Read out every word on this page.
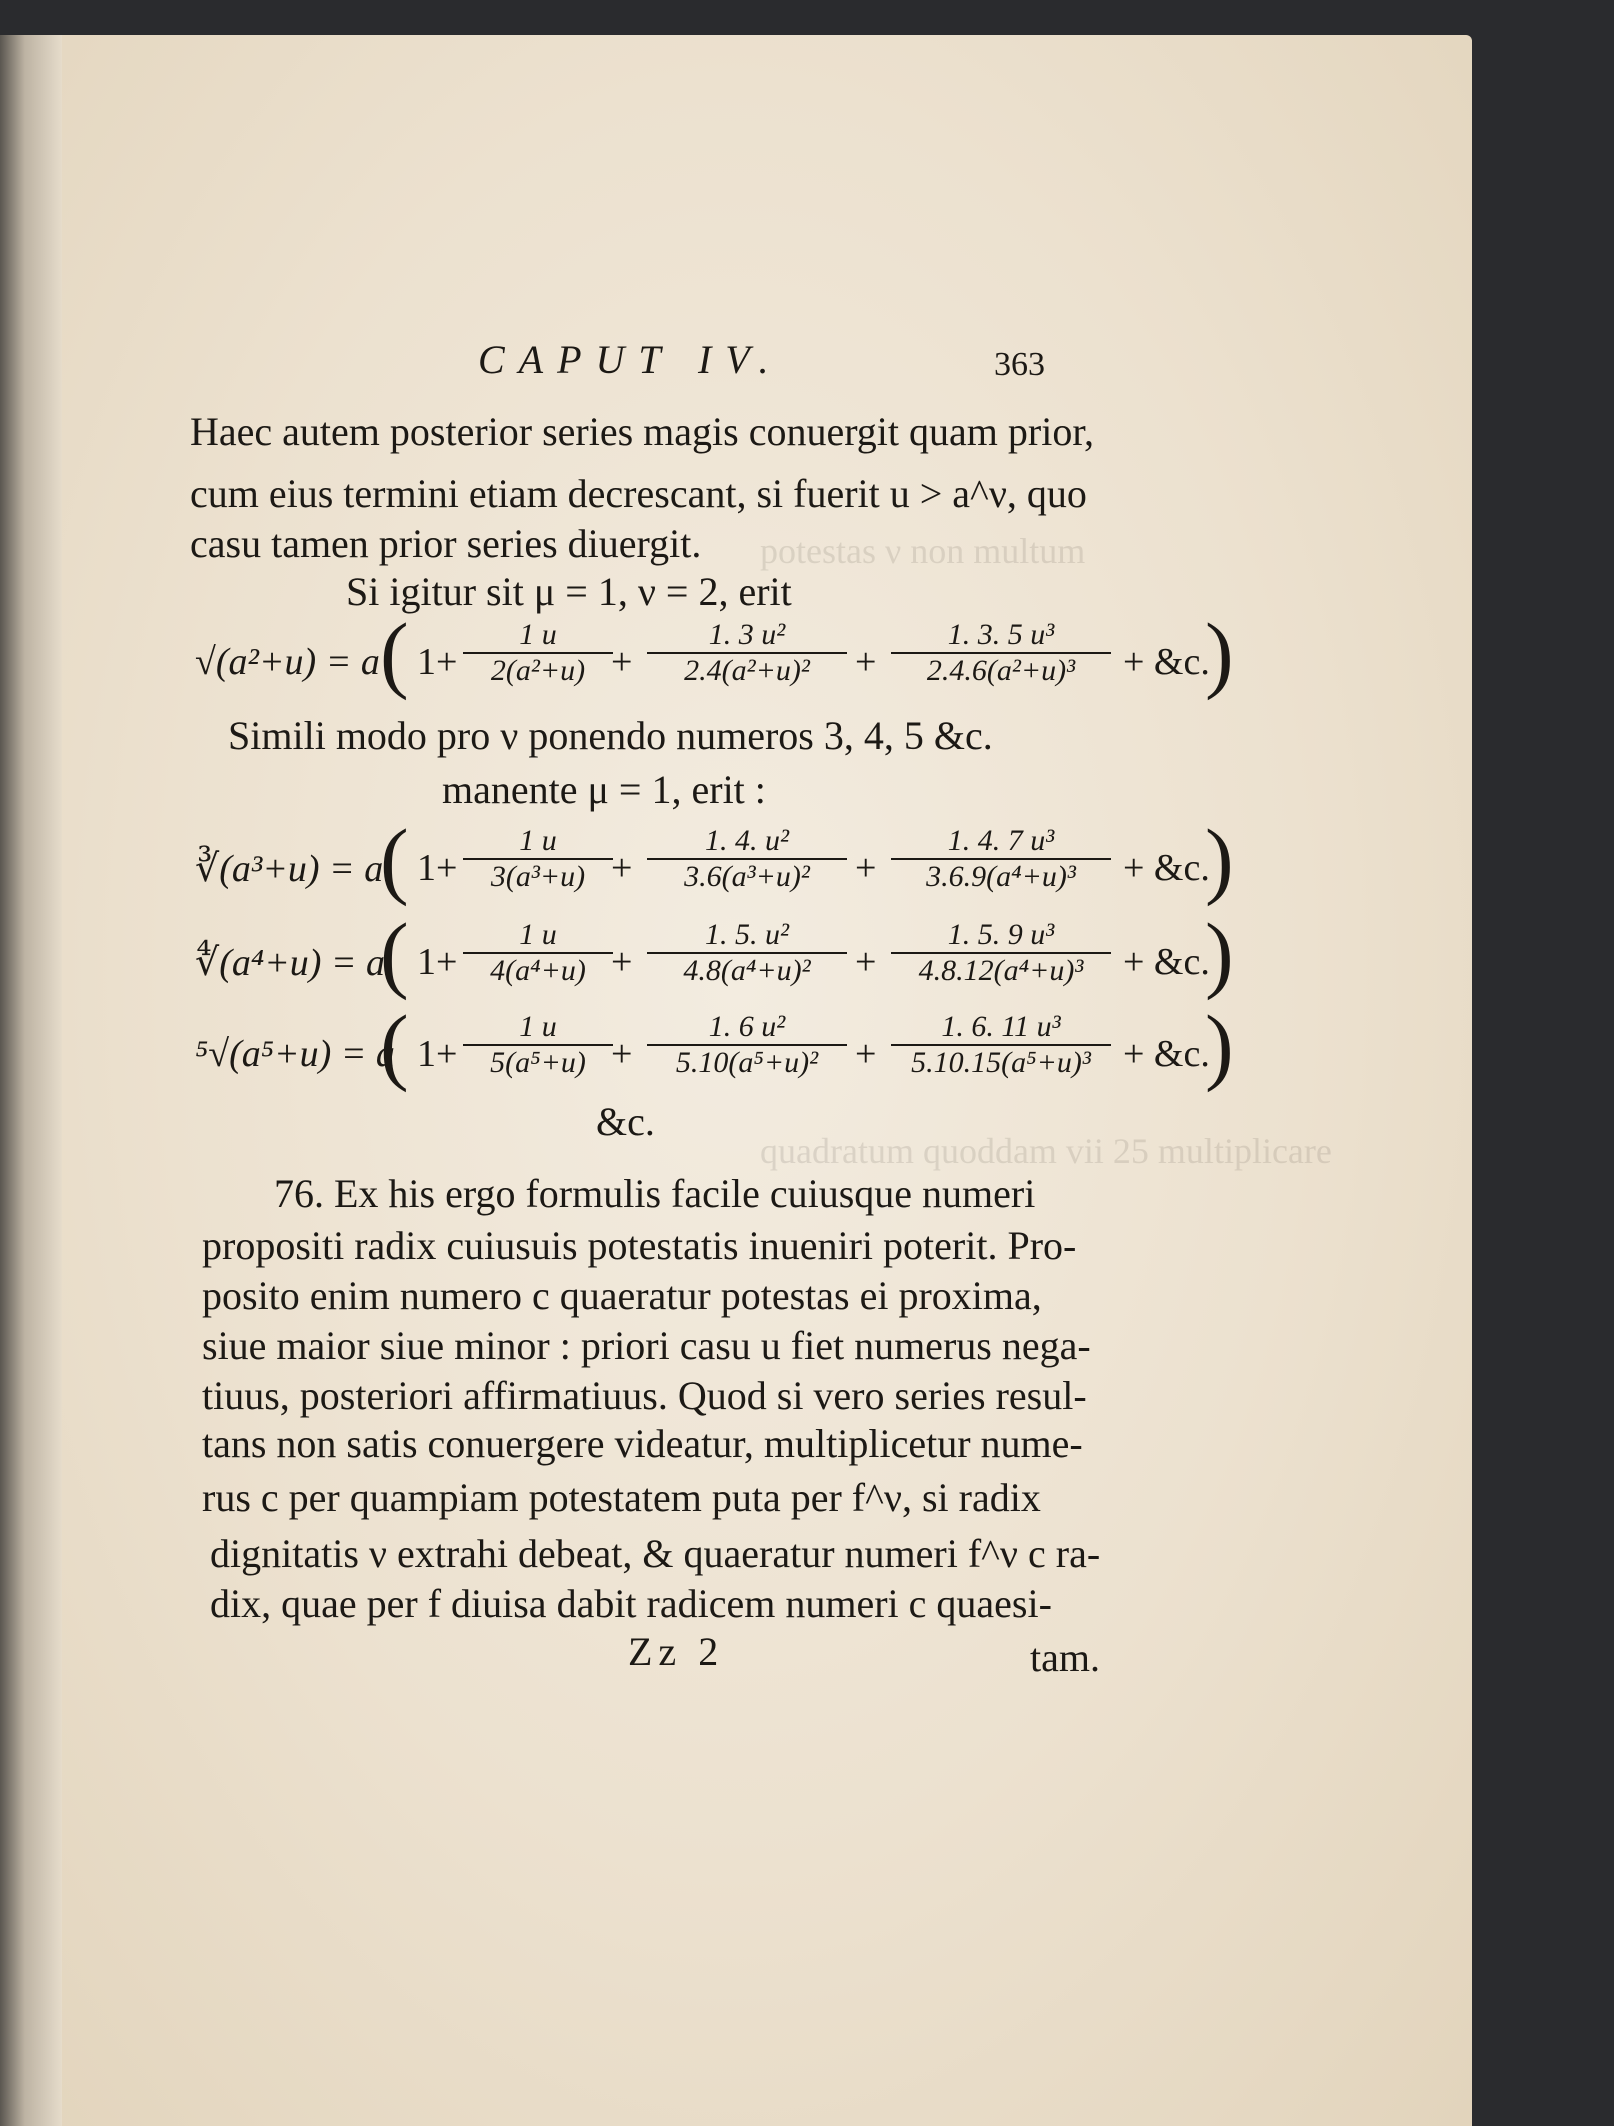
potestas ν non multum
quadratum quoddam vii 25 multiplicare
CAPUT IV.	363
Haec autem posterior series magis conuergit quam prior,
cum eius termini etiam decrescant, si fuerit u > a^ν, quo
casu tamen prior series diuergit.
Si igitur sit μ = 1, ν = 2, erit
√(a²+u) = a ( $1+ \frac{1 u}{\text{2(a²+u)}}$
+ $\frac{\text{1. 3 u²}}{\text{2.4(a²+u)²}} + \frac{\text{1. 3. 5 u³}}{\text{2.4.6(a²+u)³}}$ + &c.
)
Simili modo pro ν ponendo numeros 3, 4, 5 &c.
manente μ = 1, erit :
∛(a³+u) = a
( $1+ \frac{1 u}{\text{3(a³+u)}}$
+ $\frac{\text{1. 4. u²}}{\text{3.6(a³+u)²}} + \frac{\text{1. 4. 7 u³}}{\text{3.6.9(a⁴+u)³}}$ + &c.
)
∜(a⁴+u) = a
( $1+ \frac{1 u}{\text{4(a⁴+u)}}$
+ $\frac{\text{1. 5. u²}}{\text{4.8(a⁴+u)²}} + \frac{\text{1. 5. 9 u³}}{\text{4.8.12(a⁴+u)³}}$ + &c.
)
⁵√(a⁵+u) = a
( $1+ \frac{1 u}{\text{5(a⁵+u)}}$
+ $\frac{\text{1. 6 u²}}{\text{5.10(a⁵+u)²}} + \frac{\text{1. 6. 11 u³}}{\text{5.10.15(a⁵+u)³}}$ + &c.
)
&c.
76. Ex his ergo formulis facile cuiusque numeri
propositi radix cuiusuis potestatis inueniri poterit. Pro-
posito enim numero c quaeratur potestas ei proxima,
siue maior siue minor : priori casu u fiet numerus nega-
tiuus, posteriori affirmatiuus. Quod si vero series resul-
tans non satis conuergere videatur, multiplicetur nume-
rus c per quampiam potestatem puta per f^ν, si radix
dignitatis ν extrahi debeat, & quaeratur numeri f^ν c ra-
dix, quae per f diuisa dabit radicem numeri c quaesi-
Zz 2	tam.
